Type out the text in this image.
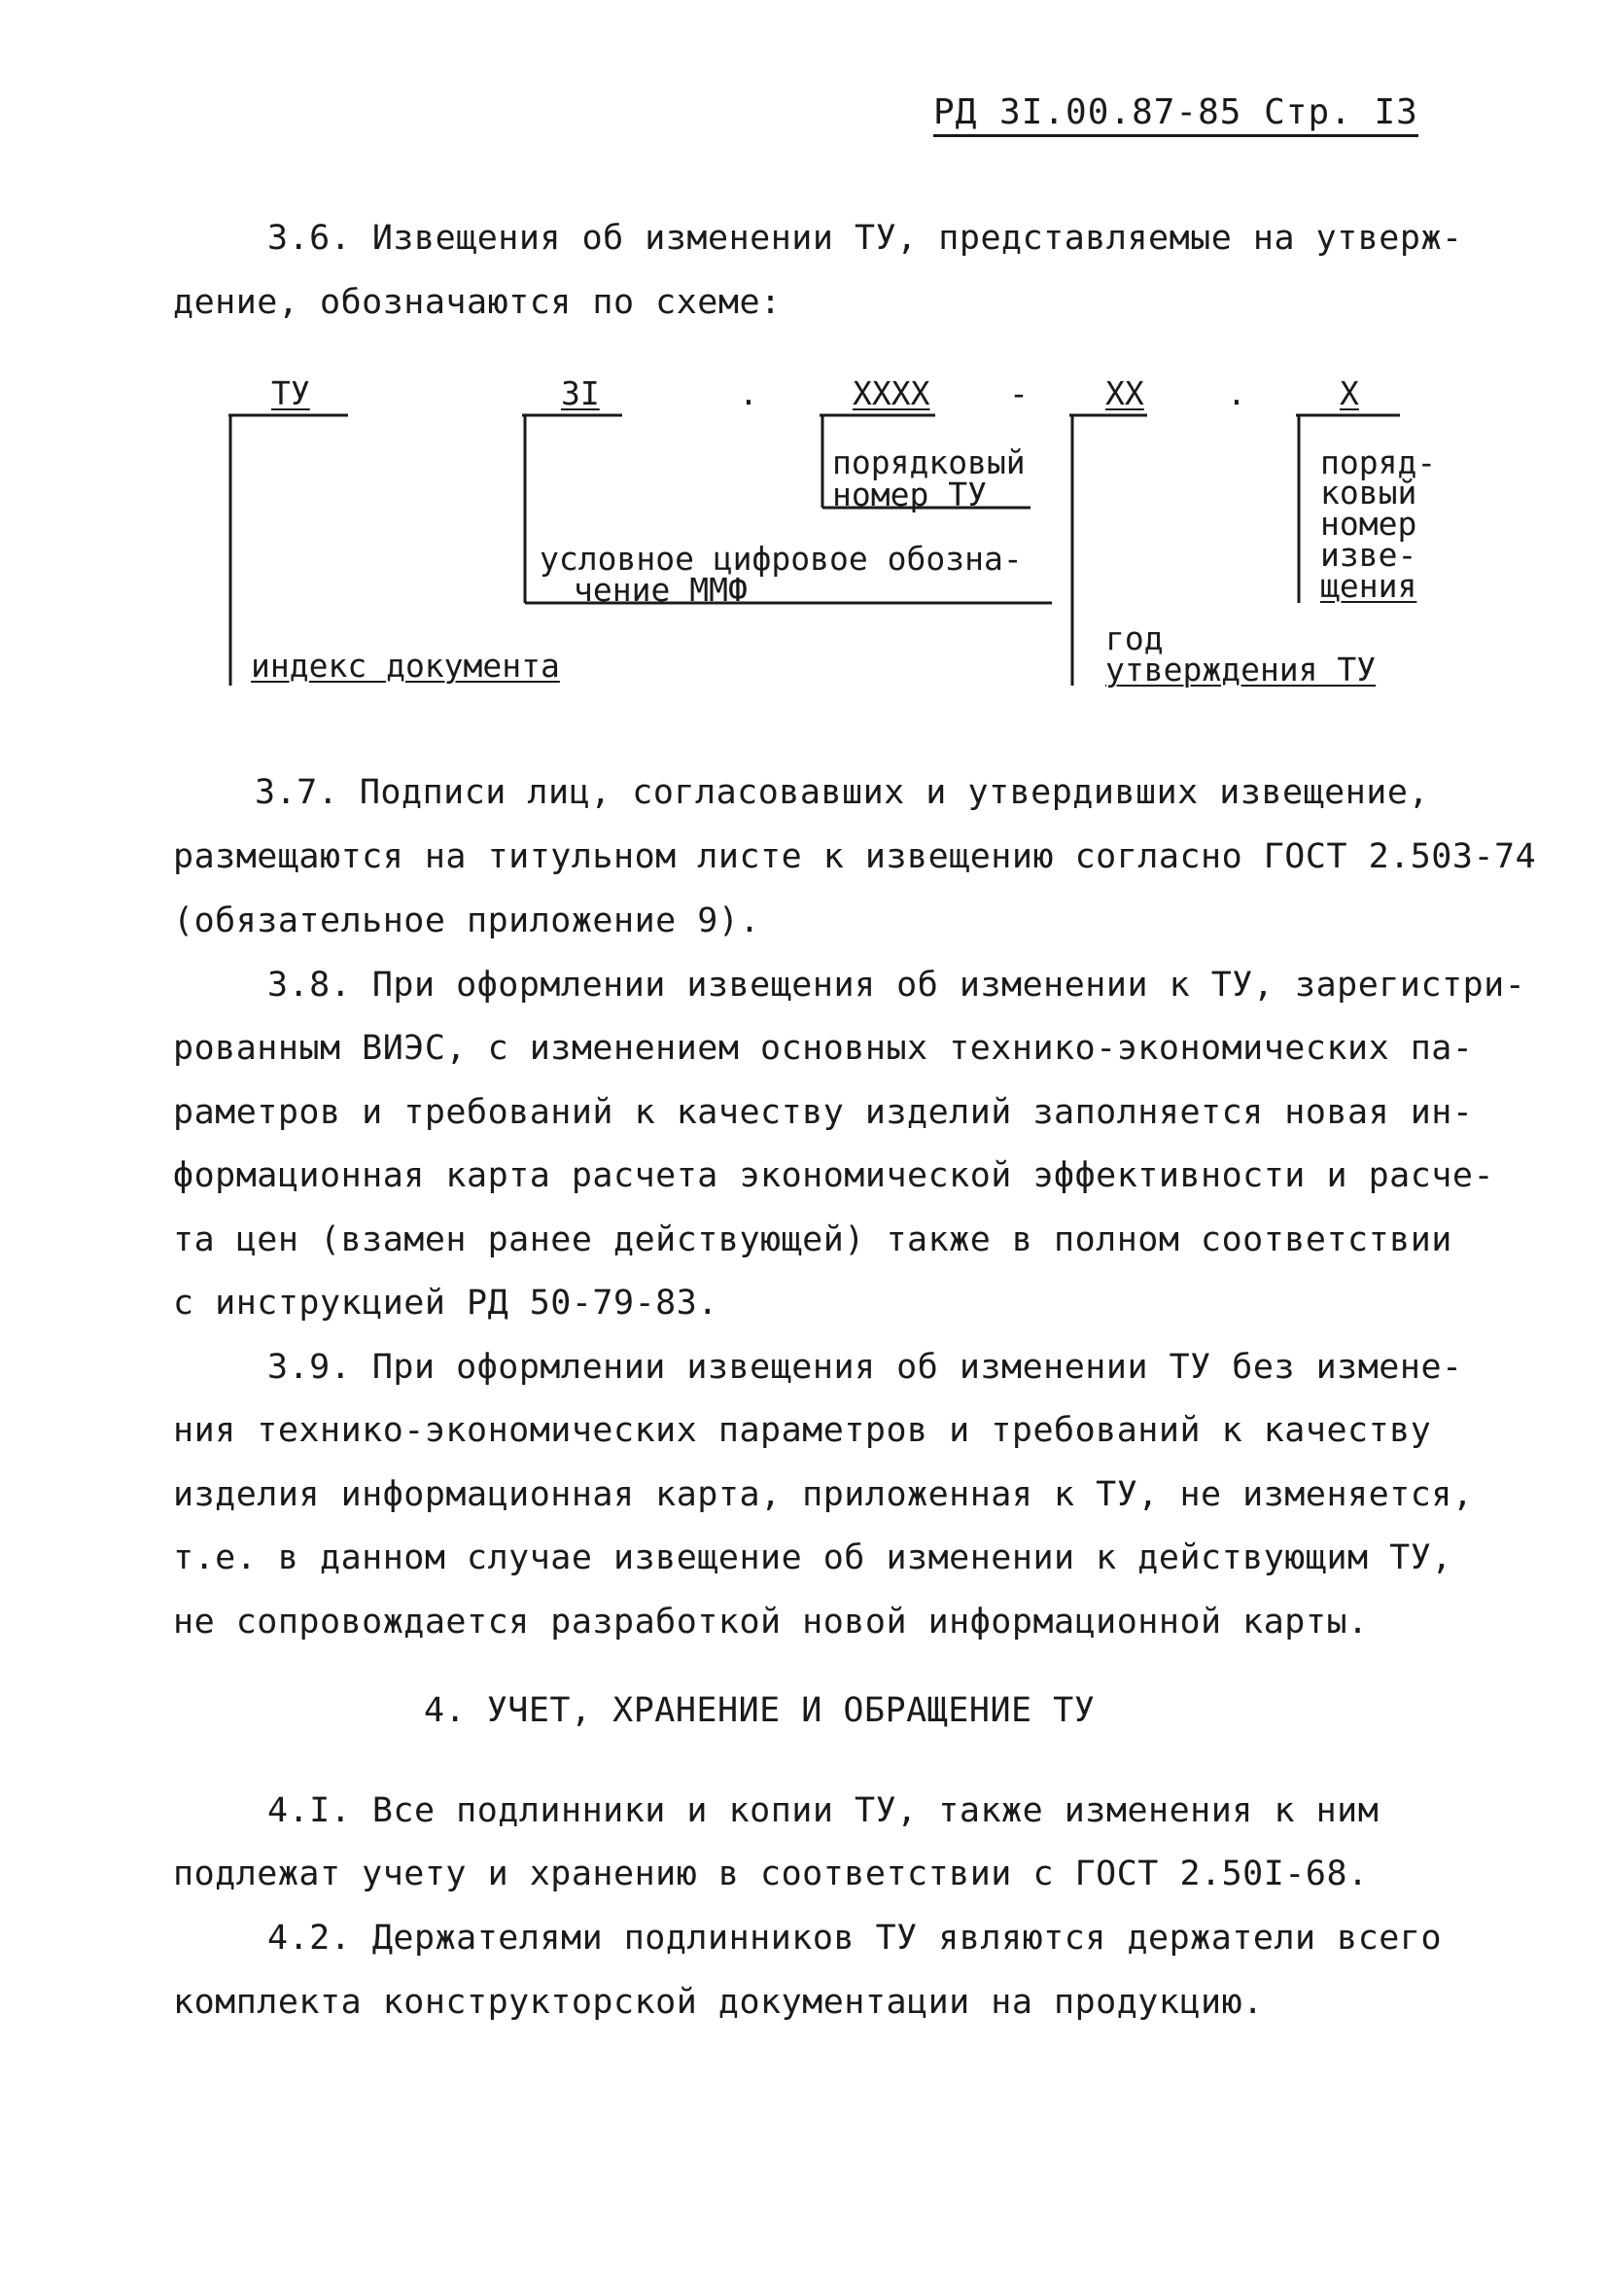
РД 3I.00.87-85 Стр. I3
3.6. Извещения об изменении ТУ, представляемые на утверж-
дение, обозначаются по схеме:
ТУ	3I	.	XXXX - XX	.	X
порядковый
номер ТУ
условное цифровое обозна-
чение ММФ
индекс документа
год
утверждения ТУ
поряд-
ковый
номер
изве-
щения
3.7. Подписи лиц, согласовавших и утвердивших извещение,
размещаются на титульном листе к извещению согласно ГОСТ 2.503-74
(обязательное приложение 9).
3.8. При оформлении извещения об изменении к ТУ, зарегистри-
рованным ВИЭС, с изменением основных технико-экономических па-
раметров и требований к качеству изделий заполняется новая ин-
формационная карта расчета экономической эффективности и расче-
та цен (взамен ранее действующей) также в полном соответствии
с инструкцией РД 50-79-83.
3.9. При оформлении извещения об изменении ТУ без измене-
ния технико-экономических параметров и требований к качеству
изделия информационная карта, приложенная к ТУ, не изменяется,
т.е. в данном случае извещение об изменении к действующим ТУ,
не сопровождается разработкой новой информационной карты.
4. УЧЕТ, ХРАНЕНИЕ И ОБРАЩЕНИЕ ТУ
4.I. Все подлинники и копии ТУ, также изменения к ним
подлежат учету и хранению в соответствии с ГОСТ 2.50I-68.
4.2. Держателями подлинников ТУ являются держатели всего
комплекта конструкторской документации на продукцию.
